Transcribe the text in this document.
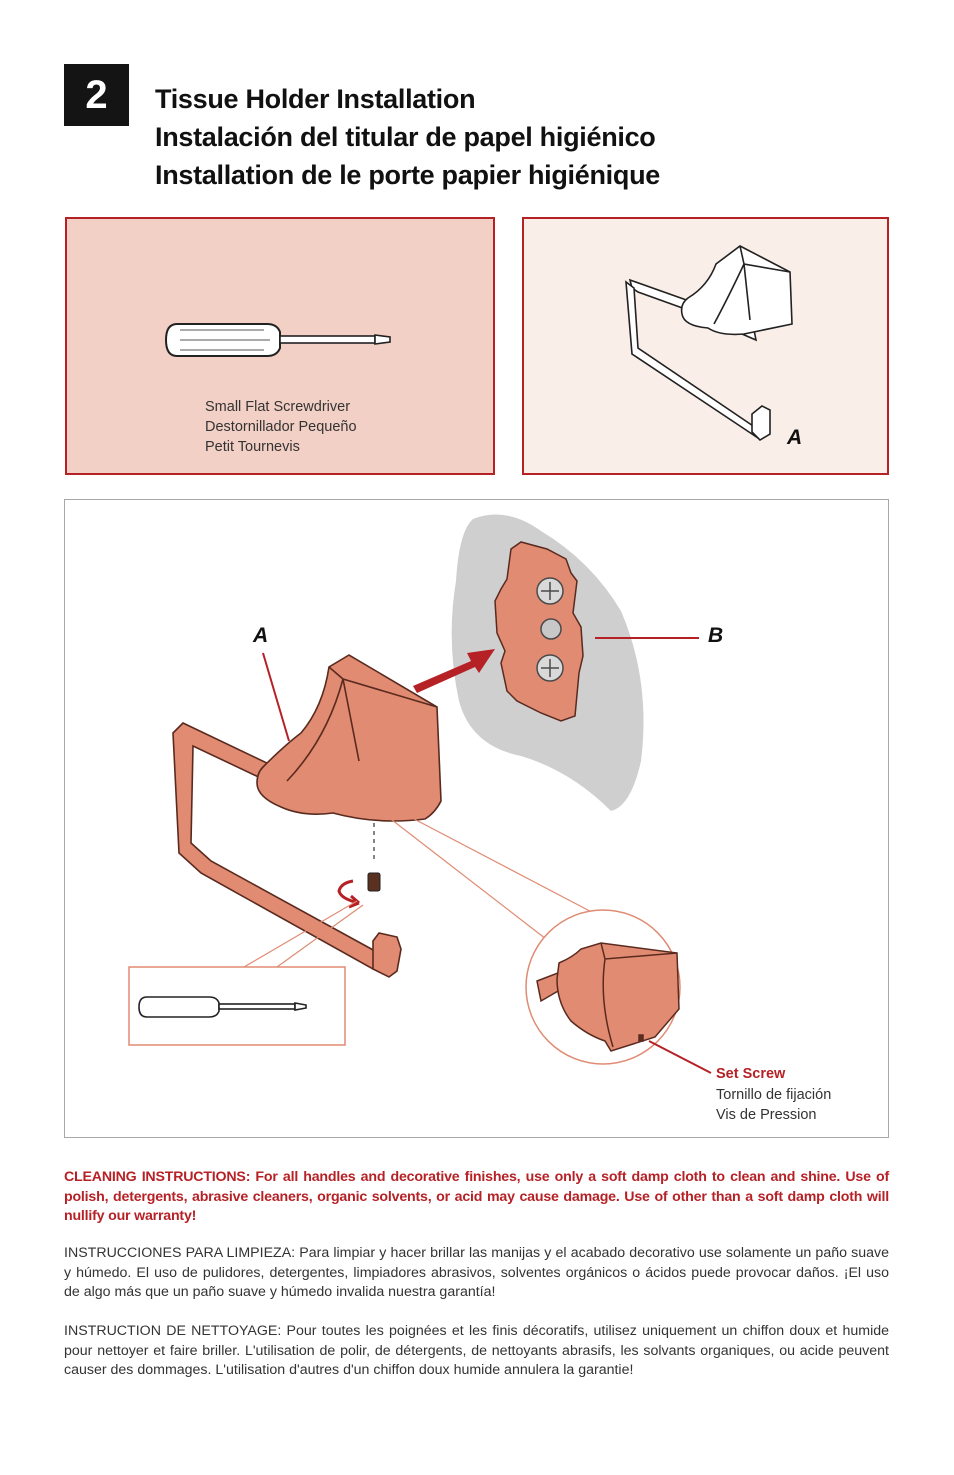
2	Tissue Holder Installation
Instalación del titular de papel higiénico
Installation de le porte papier higiénique
Small Flat Screwdriver
Destornillador Pequeño
Petit Tournevis	A
A	B
Set Screw
Tornillo de fijación
Vis de Pression
CLEANING INSTRUCTIONS: For all handles and decorative finishes, use only a soft damp cloth to clean and shine. Use of polish, detergents, abrasive cleaners, organic solvents, or acid may cause damage. Use of other than a soft damp cloth will nullify our warranty!
INSTRUCCIONES PARA LIMPIEZA: Para limpiar y hacer brillar las manijas y el acabado decorativo use solamente un paño suave y húmedo. El uso de pulidores, detergentes, limpiadores abrasivos, solventes orgánicos o ácidos puede provocar daños. ¡El uso de algo más que un paño suave y húmedo invalida nuestra garantía!
INSTRUCTION DE NETTOYAGE: Pour toutes les poignées et les finis décoratifs, utilisez uniquement un chiffon doux et humide pour nettoyer et faire briller. L'utilisation de polir, de détergents, de nettoyants abrasifs, les solvants organiques, ou acide peuvent causer des dommages. L'utilisation d'autres d'un chiffon doux humide annulera la garantie!
